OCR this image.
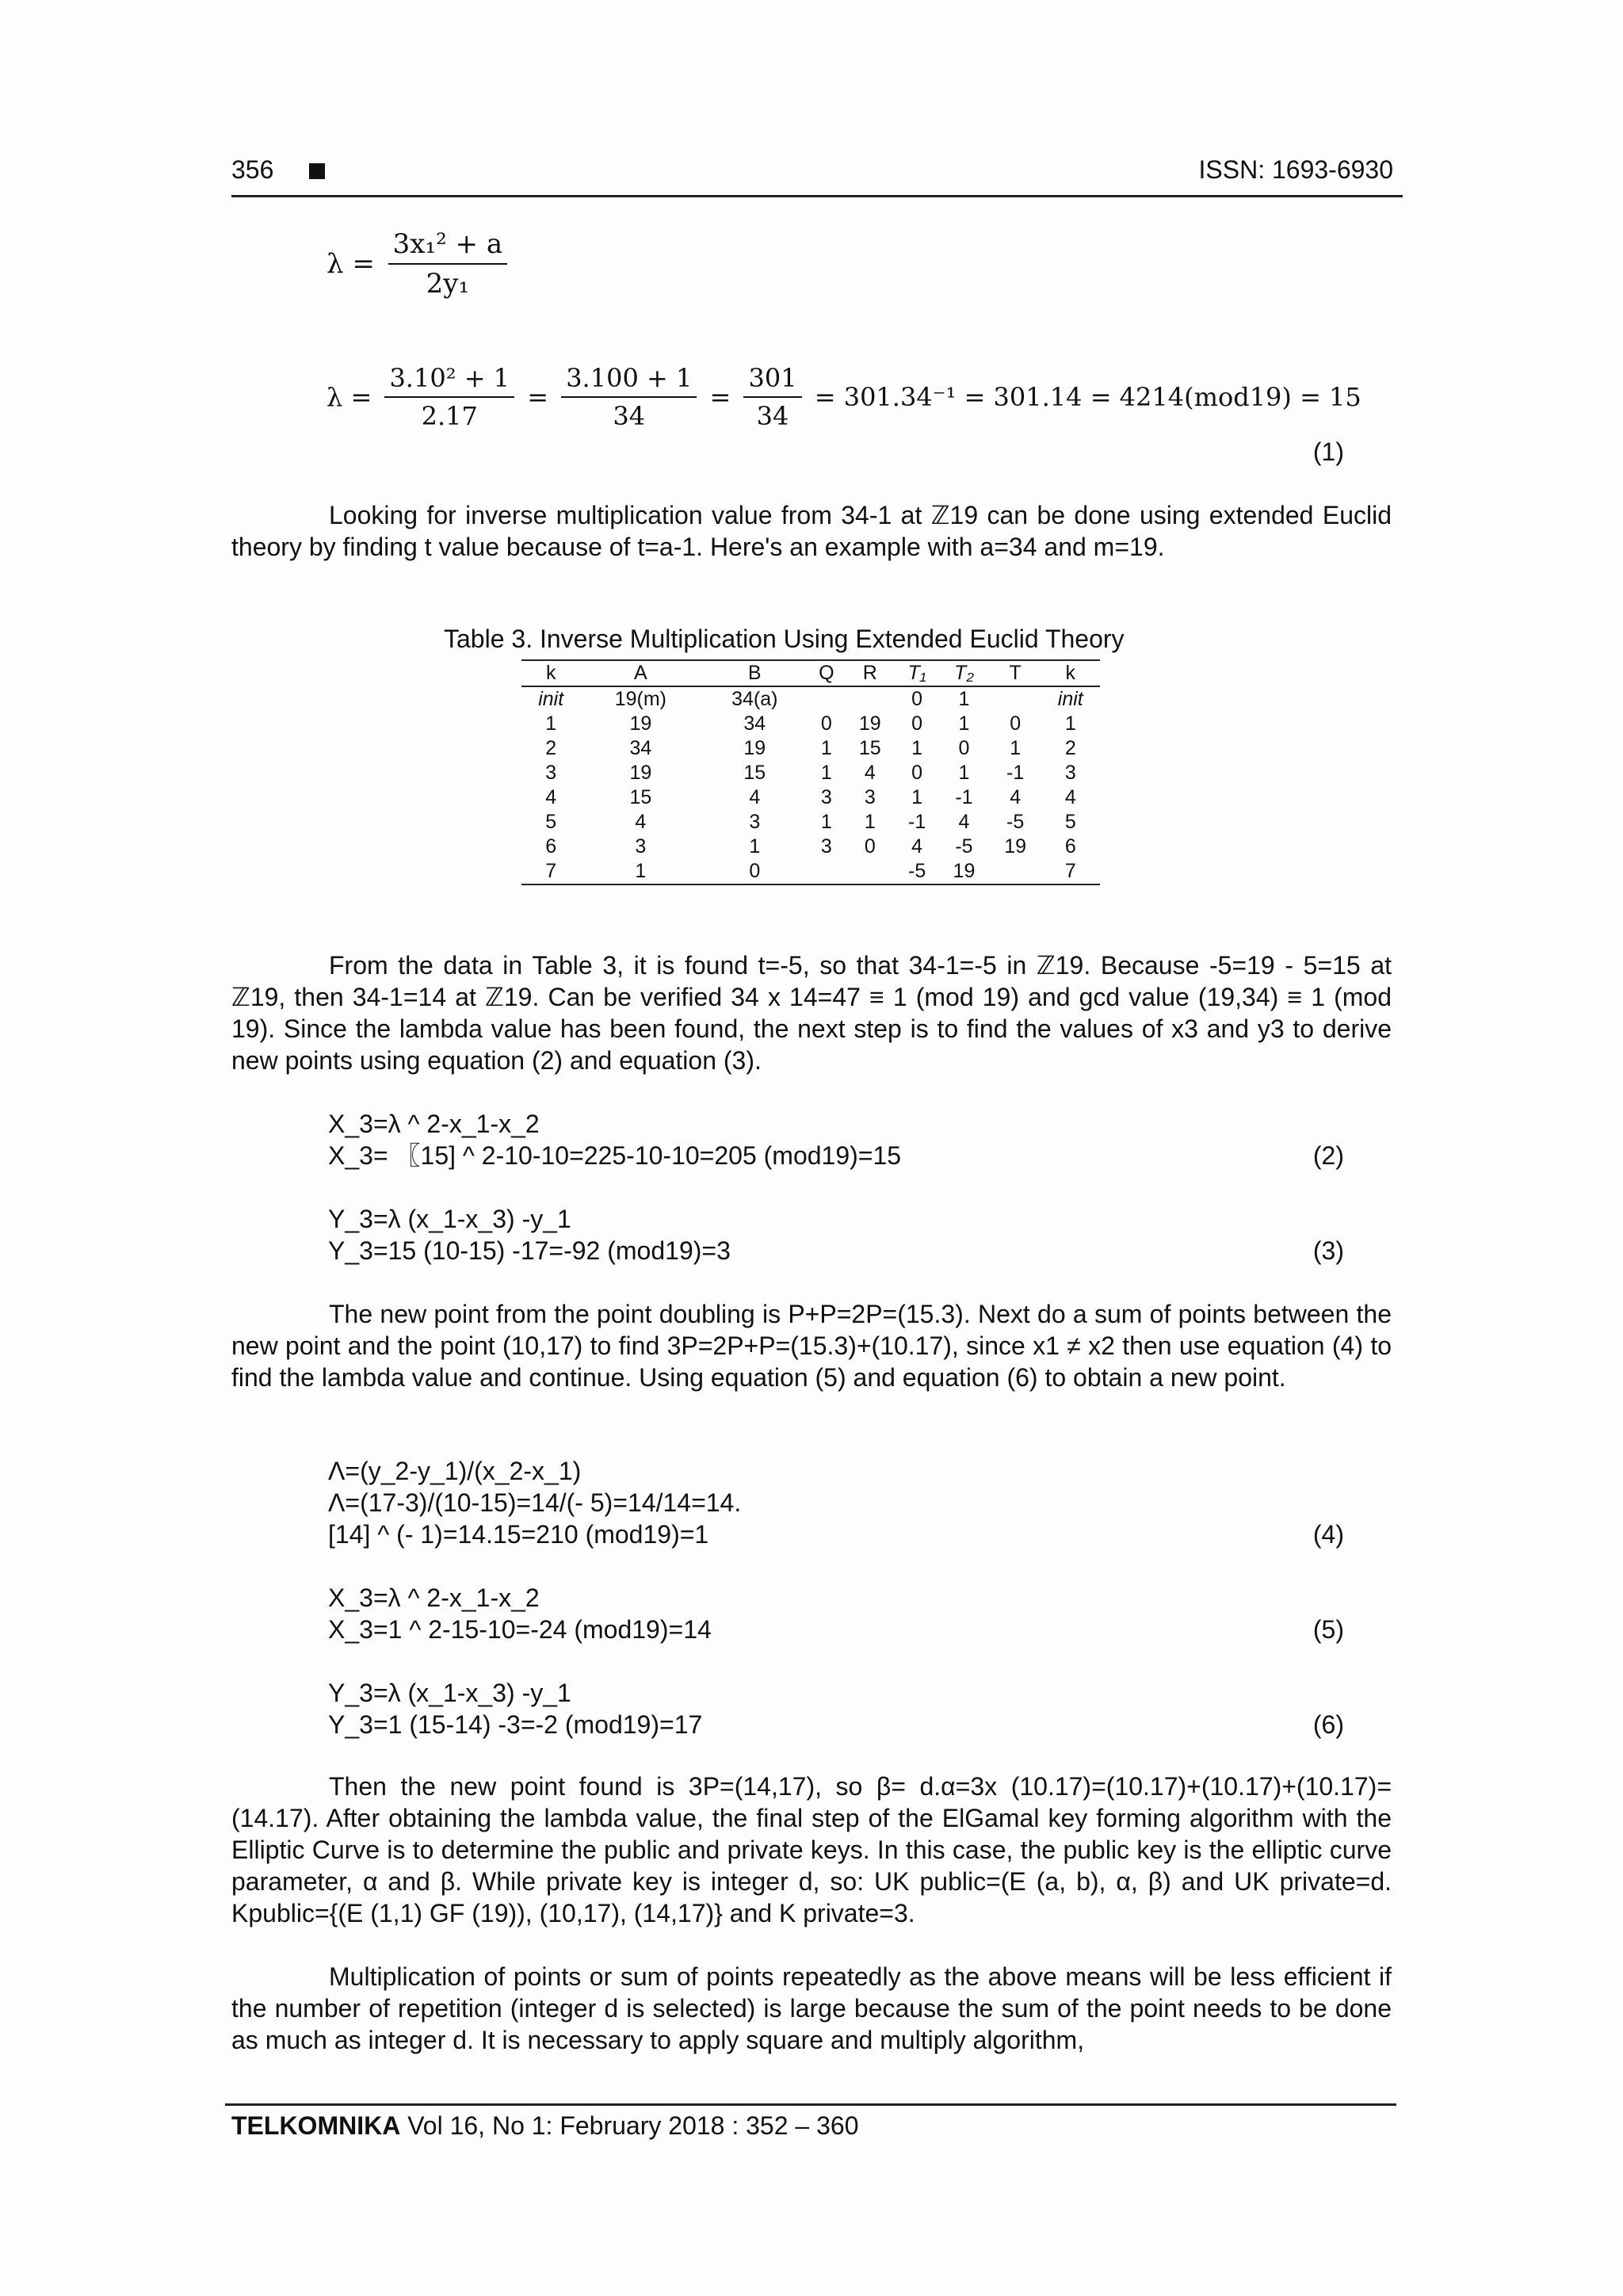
356	ISSN: 1693-6930
$\lambda = \frac{\text{3x₁² + a}}{\text{2y₁}}$
$\lambda = \frac{\text{3.10² + 1}}{2.17} = \frac{3.100 + 1}{34} = \frac{301}{34} = 301.34^{-1} = 301.14 = 4214(mod19) = 15$
(1)

Looking for inverse multiplication value from 34-1 at ℤ19 can be done using extended Euclid theory by finding t value because of t=a-1. Here's an example with a=34 and m=19.

Table 3. Inverse Multiplication Using Extended Euclid Theory
k	A	B	Q	R	T₁	T₂	T	k
init	19(m)	34(a)			0	1		init
1	19	34	0	19	0	1	0	1
2	34	19	1	15	1	0	1	2
3	19	15	1	4	0	1	-1	3
4	15	4	3	3	1	-1	4	4
5	4	3	1	1	-1	4	-5	5
6	3	1	3	0	4	-5	19	6
7	1	0			-5	19		7

From the data in Table 3, it is found t=-5, so that 34-1=-5 in ℤ19. Because -5=19 - 5=15 at ℤ19, then 34-1=14 at ℤ19. Can be verified 34 x 14=47 ≡ 1 (mod 19) and gcd value (19,34) ≡ 1 (mod 19). Since the lambda value has been found, the next step is to find the values of x3 and y3 to derive new points using equation (2) and equation (3).

X_3=λ ^ 2-x_1-x_2
X_3= 〖15] ^ 2-10-10=225-10-10=205 (mod19)=15	(2)
Y_3=λ (x_1-x_3) -y_1
Y_3=15 (10-15) -17=-92 (mod19)=3	(3)

The new point from the point doubling is P+P=2P=(15.3). Next do a sum of points between the new point and the point (10,17) to find 3P=2P+P=(15.3)+(10.17), since x1 ≠ x2 then use equation (4) to find the lambda value and continue. Using equation (5) and equation (6) to obtain a new point.

Λ=(y_2-y_1)/(x_2-x_1)
Λ=(17-3)/(10-15)=14/(- 5)=14/14=14.
[14] ^ (- 1)=14.15=210 (mod19)=1	(4)
X_3=λ ^ 2-x_1-x_2
X_3=1 ^ 2-15-10=-24 (mod19)=14	(5)
Y_3=λ (x_1-x_3) -y_1
Y_3=1 (15-14) -3=-2 (mod19)=17	(6)

Then the new point found is 3P=(14,17), so β= d.α=3x (10.17)=(10.17)+(10.17)+(10.17)=(14.17). After obtaining the lambda value, the final step of the ElGamal key forming algorithm with the Elliptic Curve is to determine the public and private keys. In this case, the public key is the elliptic curve parameter, α and β. While private key is integer d, so: UK public=(E (a, b), α, β) and UK private=d. Kpublic={(E (1,1) GF (19)), (10,17), (14,17)} and K private=3.

Multiplication of points or sum of points repeatedly as the above means will be less efficient if the number of repetition (integer d is selected) is large because the sum of the point needs to be done as much as integer d. It is necessary to apply square and multiply algorithm,

TELKOMNIKA Vol 16, No 1: February 2018 : 352 – 360
